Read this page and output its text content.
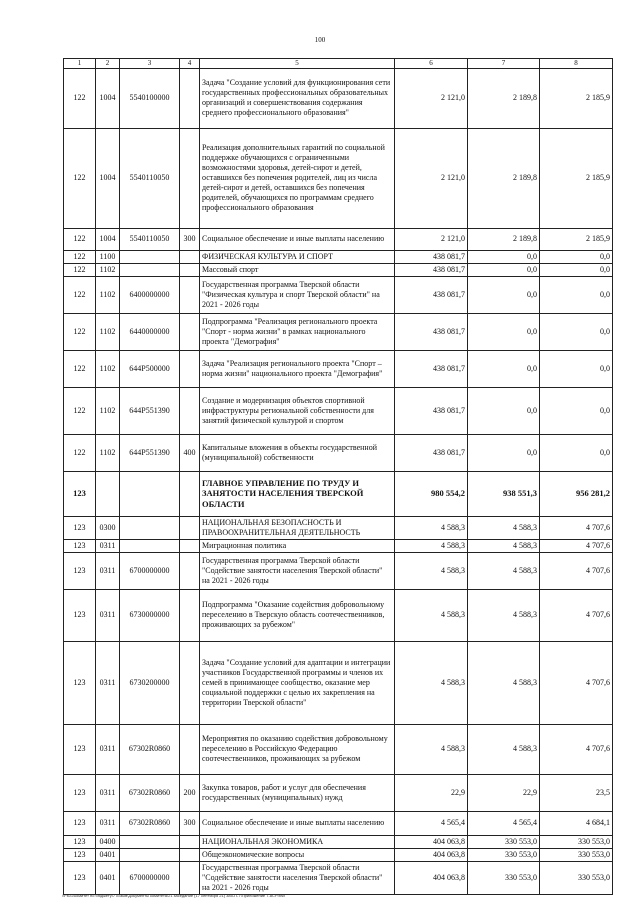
100
1	2	3	4	5	6	7	8
122	1004	5540100000		Задача "Создание условий для функционирования сети государственных профессиональных образовательных организаций и совершенствования содержания среднего профессионального образования"	2 121,0	2 189,8	2 185,9
122	1004	5540110050		Реализация дополнительных гарантий по социальной поддержке обучающихся с ограниченными возможностями здоровья, детей-сирот и детей, оставшихся без попечения родителей, лиц из числа детей-сирот и детей, оставшихся без попечения родителей, обучающихся по программам среднего профессионального образования	2 121,0	2 189,8	2 185,9
122	1004	5540110050	300	Социальное обеспечение и иные выплаты населению	2 121,0	2 189,8	2 185,9
122	1100			ФИЗИЧЕСКАЯ КУЛЬТУРА И СПОРТ	438 081,7	0,0	0,0
122	1102			Массовый спорт	438 081,7	0,0	0,0
122	1102	6400000000		Государственная программа Тверской области "Физическая культура и спорт Тверской области" на 2021 - 2026 годы	438 081,7	0,0	0,0
122	1102	6440000000		Подпрограмма "Реализация регионального проекта "Спорт - норма жизни" в рамках национального проекта "Демография"	438 081,7	0,0	0,0
122	1102	644P500000		Задача "Реализация регионального проекта "Спорт – норма жизни" национального проекта "Демография"	438 081,7	0,0	0,0
122	1102	644P551390		Создание и модернизация объектов спортивной инфраструктуры региональной собственности для занятий физической культурой и спортом	438 081,7	0,0	0,0
122	1102	644P551390	400	Капитальные вложения в объекты государственной (муниципальной) собственности	438 081,7	0,0	0,0
123				ГЛАВНОЕ УПРАВЛЕНИЕ ПО ТРУДУ И ЗАНЯТОСТИ НАСЕЛЕНИЯ ТВЕРСКОЙ ОБЛАСТИ	980 554,2	938 551,3	956 281,2
123	0300			НАЦИОНАЛЬНАЯ БЕЗОПАСНОСТЬ И ПРАВООХРАНИТЕЛЬНАЯ ДЕЯТЕЛЬНОСТЬ	4 588,3	4 588,3	4 707,6
123	0311			Миграционная политика	4 588,3	4 588,3	4 707,6
123	0311	6700000000		Государственная программа Тверской области "Содействие занятости населения Тверской области" на 2021 - 2026 годы	4 588,3	4 588,3	4 707,6
123	0311	6730000000		Подпрограмма "Оказание содействия добровольному переселению в Тверскую область соотечественников, проживающих за рубежом"	4 588,3	4 588,3	4 707,6
123	0311	6730200000		Задача "Создание условий для адаптации и интеграции участников Государственной программы и членов их семей в принимающее сообщество, оказание мер социальной поддержки с целью их закрепления на территории Тверской области"	4 588,3	4 588,3	4 707,6
123	0311	67302R0860		Мероприятия по оказанию содействия добровольному переселению в Российскую Федерацию соотечественников, проживающих за рубежом	4 588,3	4 588,3	4 707,6
123	0311	67302R0860	200	Закупка товаров, работ и услуг для обеспечения государственных (муниципальных) нужд	22,9	22,9	23,5
123	0311	67302R0860	300	Социальное обеспечение и иные выплаты населению	4 565,4	4 565,4	4 684,1
123	0400			НАЦИОНАЛЬНАЯ ЭКОНОМИКА	404 063,8	330 553,0	330 553,0
123	0401			Общеэкономические вопросы	404 063,8	330 553,0	330 553,0
123	0401	6700000000		Государственная программа Тверской области "Содействие занятости населения Тверской области" на 2021 - 2026 годы	404 063,8	330 553,0	330 553,0
\\Fs01\комитет по бюджету\7 созыв\Документы комитета\21 заседание (17 сентября 21) 385-П-7\Приложение 7-8CP.xlsx
